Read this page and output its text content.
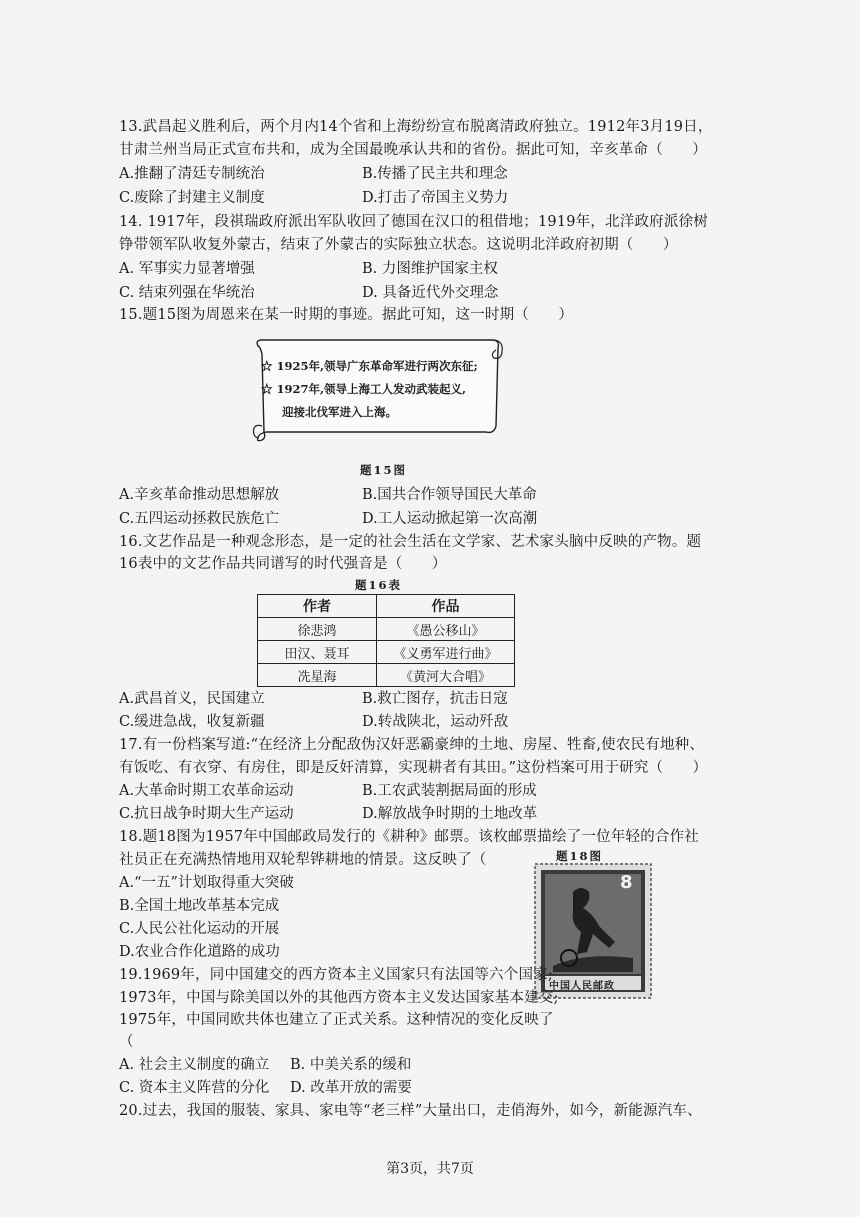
13.武昌起义胜利后，两个月内14个省和上海纷纷宣布脱离清政府独立。1912年3月19日，
甘肃兰州当局正式宣布共和，成为全国最晚承认共和的省份。据此可知，辛亥革命（　　）
A.推翻了清廷专制统治	B.传播了民主共和理念
C.废除了封建主义制度	D.打击了帝国主义势力
14. 1917年，段祺瑞政府派出军队收回了德国在汉口的租借地；1919年，北洋政府派徐树
铮带领军队收复外蒙古，结束了外蒙古的实际独立状态。这说明北洋政府初期（　　）
A. 军事实力显著增强	B. 力图维护国家主权
C. 结束列强在华统治	D. 具备近代外交理念
15.题15图为周恩来在某一时期的事迹。据此可知，这一时期（　　）
☆ 1925年,领导广东革命军进行两次东征;
☆ 1927年,领导上海工人发动武装起义,
迎接北伐军进入上海。
题15图
A.辛亥革命推动思想解放	B.国共合作领导国民大革命
C.五四运动拯救民族危亡	D.工人运动掀起第一次高潮
16.文艺作品是一种观念形态，是一定的社会生活在文学家、艺术家头脑中反映的产物。题
16表中的文艺作品共同谱写的时代强音是（　　）
题16表
作者	作品
徐悲鸿	《愚公移山》
田汉、聂耳	《义勇军进行曲》
冼星海	《黄河大合唱》
A.武昌首义，民国建立	B.救亡图存，抗击日寇
C.缓进急战，收复新疆	D.转战陕北，运动歼敌
17.有一份档案写道:“在经济上分配敌伪汉奸恶霸豪绅的土地、房屋、牲畜,使农民有地种、
有饭吃、有衣穿、有房住，即是反奸清算，实现耕者有其田。”这份档案可用于研究（　　）
A.大革命时期工农革命运动	B.工农武装割据局面的形成
C.抗日战争时期大生产运动	D.解放战争时期的土地改革
18.题18图为1957年中国邮政局发行的《耕种》邮票。该枚邮票描绘了一位年轻的合作社
社员正在充满热情地用双轮犁铧耕地的情景。这反映了（	题18图
A.“一五”计划取得重大突破
B.全国土地改革基本完成
C.人民公社化运动的开展
D.农业合作化道路的成功
8
中国人民邮政
19.1969年，同中国建交的西方资本主义国家只有法国等六个国家;
1973年，中国与除美国以外的其他西方资本主义发达国家基本建交;
1975年，中国同欧共体也建立了正式关系。这种情况的变化反映了
（
A. 社会主义制度的确立 B. 中美关系的缓和
C. 资本主义阵营的分化 D. 改革开放的需要
20.过去，我国的服装、家具、家电等“老三样”大量出口，走俏海外，如今，新能源汽车、
第3页，共7页
